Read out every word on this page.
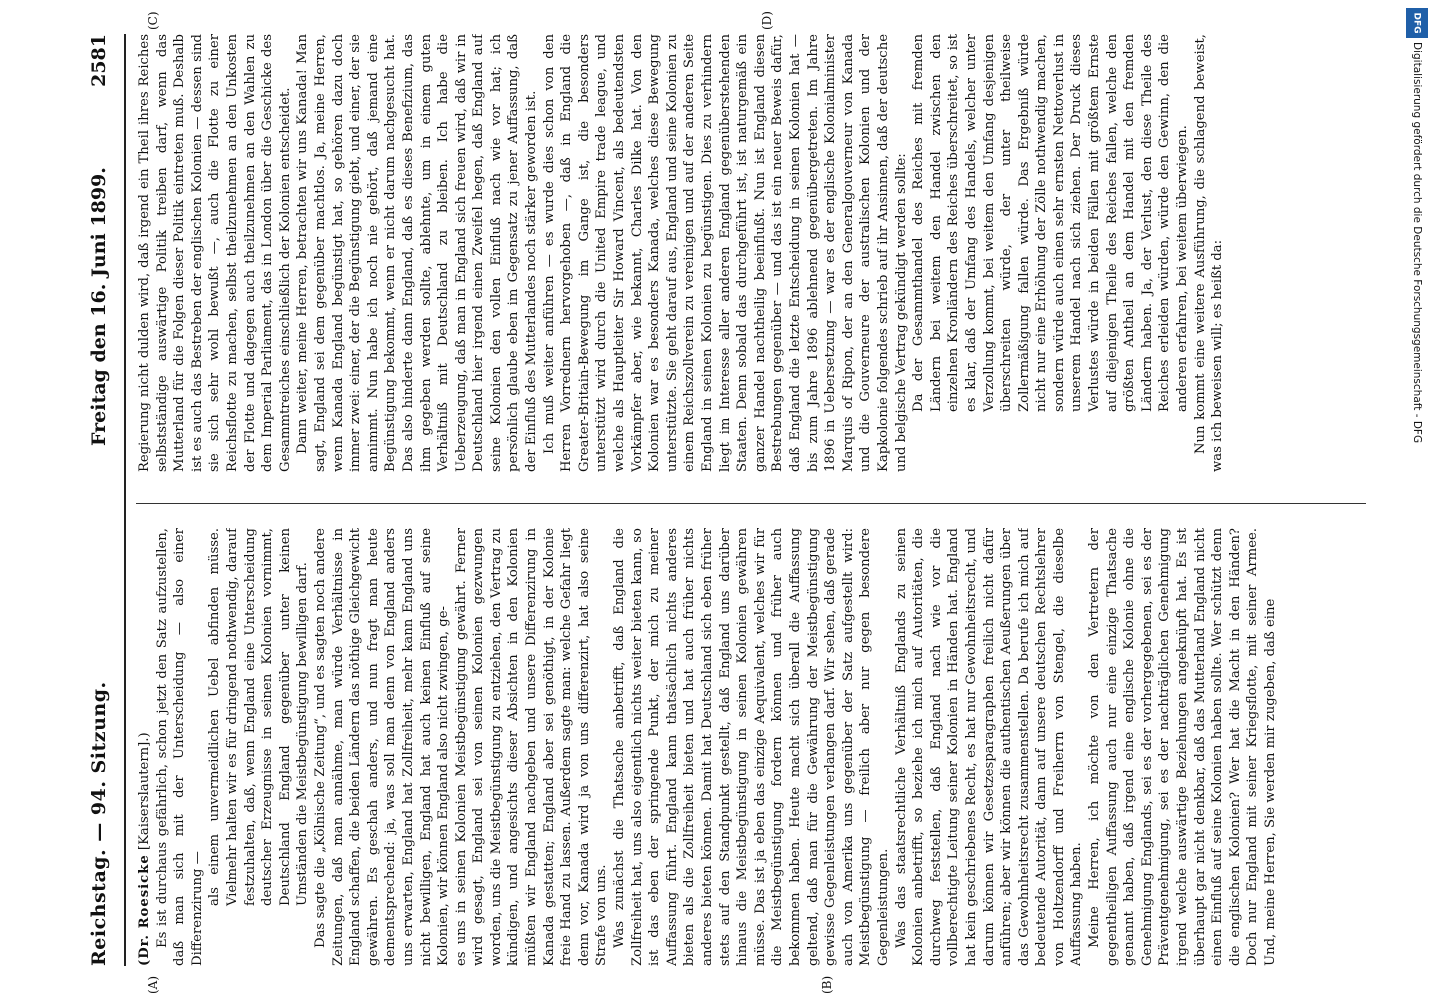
Reichstag. — 94. Sitzung.
Freitag den 16. Juni 1899.
2581
(A)	(B)
(C)	(D)

(Dr. Roesicke [Kaiserslautern].) Es ist durchaus gefährlich, schon jetzt den Satz aufzustellen, daß man sich mit der Unterscheidung — also einer Differenzirung —

als einem unvermeidlichen Uebel abfinden müsse. Vielmehr halten wir es für dringend nothwendig, darauf festzuhalten, daß, wenn England eine Unterscheidung deutscher Erzeugnisse in seinen Kolonien vornimmt, Deutschland England gegenüber unter keinen Umständen die Meistbegünstigung bewilligen darf. Das sagte die „Kölnische Zeitung“, und es sagten noch andere Zeitungen, daß man annähme, man würde Verhältnisse in England schaffen, die beiden Ländern das nöthige Gleichgewicht gewähren. Es geschah anders, und nun fragt man heute dementsprechend: ja, was soll man denn von England anders uns erwarten, England hat Zollfreiheit, mehr kann England uns nicht bewilligen, England hat auch keinen Einfluß auf seine Kolonien, wir können England also nicht zwingen, ge- es uns in seinen Kolonien Meistbegünstigung gewährt. Ferner wird gesagt, England sei von seinen Kolonien gezwungen worden, uns die Meistbegünstigung zu entziehen, den Vertrag zu kündigen, und angesichts dieser Absichten in den Kolonien müßten wir England nachgeben und unsere Differenzirung in Kanada gestatten; England aber sei genöthigt, in der Kolonie freie Hand zu lassen. Außerdem sagte man: welche Gefahr liegt denn vor, Kanada wird ja von uns differenzirt, hat also seine Strafe von uns. Was zunächst die Thatsache anbetrifft, daß England die Zollfreiheit hat, uns also eigentlich nichts weiter bieten kann, so ist das eben der springende Punkt, der mich zu meiner Auffassung führt. England kann thatsächlich nichts anderes bieten als die Zollfreiheit bieten und hat auch früher nichts anderes bieten können. Damit hat Deutschland sich eben früher stets auf den Standpunkt gestellt, daß England uns darüber hinaus die Meistbegünstigung in seinen Kolonien gewähren müsse. Das ist ja eben das einzige Aequivalent, welches wir für die Meistbegünstigung fordern können und früher auch bekommen haben. Heute macht sich überall die Auffassung geltend, daß man für die Gewährung der Meistbegünstigung gewisse Gegenleistungen verlangen darf. Wir sehen, daß gerade auch von Amerika uns gegenüber der Satz aufgestellt wird: Meistbegünstigung — freilich aber nur gegen besondere Gegenleistungen. Was das staatsrechtliche Verhältniß Englands zu seinen Kolonien anbetrifft, so beziehe ich mich auf Autoritäten, die durchweg feststellen, daß England nach wie vor die vollberechtigte Leitung seiner Kolonien in Händen hat. England hat kein geschriebenes Recht, es hat nur Gewohnheitsrecht, und darum können wir Gesetzesparagraphen freilich nicht dafür anführen; aber wir können die authentischen Aeußerungen über das Gewohnheitsrecht zusammenstellen. Da berufe ich mich auf bedeutende Autorität, dann auf unsere deutschen Rechtslehrer von Holtzendorff und Freiherrn von Stengel, die dieselbe Auffassung haben. Meine Herren, ich möchte von den Vertretern der gegentheiligen Auffassung auch nur eine einzige Thatsache genannt haben, daß irgend eine englische Kolonie ohne die Genehmigung Englands, sei es der vorhergegebenen, sei es der Präventgenehmigung, sei es der nachträglichen Genehmigung irgend welche auswärtige Beziehungen angeknüpft hat. Es ist überhaupt gar nicht denkbar, daß das Mutterland England nicht einen Einfluß auf seine Kolonien haben sollte. Wer schützt denn die englischen Kolonien? Wer hat die Macht in den Händen? Doch nur England mit seiner Kriegsflotte, mit seiner Armee. Und, meine Herren, Sie werden mir zugeben, daß eine

Regierung nicht dulden wird, daß irgend ein Theil ihres Reiches selbstständige auswärtige Politik treiben darf, wenn das Mutterland für die Folgen dieser Politik eintreten muß. Deshalb ist es auch das Bestreben der englischen Kolonien — dessen sind sie sich sehr wohl bewußt —, auch die Flotte zu einer Reichsflotte zu machen, selbst theilzunehmen an den Unkosten der Flotte und dagegen auch theilzunehmen an den Wahlen zu dem Imperial Parliament, das in London über die Geschicke des Gesammtreiches einschließlich der Kolonien entscheidet. Dann weiter, meine Herren, betrachten wir uns Kanada! Man sagt, England sei dem gegenüber machtlos. Ja, meine Herren, wenn Kanada England begünstigt hat, so gehören dazu doch immer zwei: einer, der die Begünstigung giebt, und einer, der sie annimmt. Nun habe ich noch nie gehört, daß jemand eine Begünstigung bekommt, wenn er nicht darum nachgesucht hat. Das also hinderte dann England, daß es dieses Benefizium, das ihm gegeben werden sollte, ablehnte, um in einem guten Verhältniß mit Deutschland zu bleiben. Ich habe die Ueberzeugung, daß man in England sich freuen wird, daß wir in Deutschland hier irgend einen Zweifel hegen, daß England auf seine Kolonien den vollen Einfluß nach wie vor hat; ich persönlich glaube eben im Gegensatz zu jener Auffassung, daß der Einfluß des Mutterlandes noch stärker geworden ist. Ich muß weiter anführen — es wurde dies schon von den Herren Vorrednern hervorgehoben —, daß in England die Greater-Britain-Bewegung im Gange ist, die besonders unterstützt wird durch die United Empire trade league, und welche als Hauptleiter Sir Howard Vincent, als bedeutendsten Vorkämpfer aber, wie bekannt, Charles Dilke hat. Von den Kolonien war es besonders Kanada, welches diese Bewegung unterstützte. Sie geht darauf aus, England und seine Kolonien zu einem Reichszollverein zu vereinigen und auf der anderen Seite England in seinen Kolonien zu begünstigen. Dies zu verhindern liegt im Interesse aller anderen England gegenüberstehenden Staaten. Denn sobald das durchgeführt ist, ist naturgemäß ein ganzer Handel nachtheilig beeinflußt. Nun ist England diesen Bestrebungen gegenüber — und das ist ein neuer Beweis dafür, daß England die letzte Entscheidung in seinen Kolonien hat — bis zum Jahre 1896 ablehnend gegenübergetreten. Im Jahre 1896 in Uebersetzung — war es der englische Kolonialminister Marquis of Ripon, der an den Generalgouverneur von Kanada und die Gouverneure der australischen Kolonien und der Kapkolonie folgendes schrieb auf ihr Ansinnen, daß der deutsche und belgische Vertrag gekündigt werden sollte: Da der Gesammthandel des Reiches mit fremden Ländern bei weitem den Handel zwischen den einzelnen Kronländern des Reiches überschreitet, so ist es klar, daß der Umfang des Handels, welcher unter Verzollung kommt, bei weitem den Umfang desjenigen überschreiten würde, der unter theilweise Zollermäßigung fallen würde. Das Ergebniß würde nicht nur eine Erhöhung der Zölle nothwendig machen, sondern würde auch einen sehr ernsten Nettoverlust in unserem Handel nach sich ziehen. Der Druck dieses Verlustes würde in beiden Fällen mit größtem Ernste auf diejenigen Theile des Reiches fallen, welche den größten Antheil an dem Handel mit den fremden Ländern haben. Ja, der Verlust, den diese Theile des Reiches erleiden würden, würde den Gewinn, den die anderen erfahren, bei weitem überwiegen. Nun kommt eine weitere Ausführung, die schlagend beweist, was ich beweisen will; es heißt da:

DFG
Digitalisierung gefördert durch die Deutsche Forschungsgemeinschaft - DFG
